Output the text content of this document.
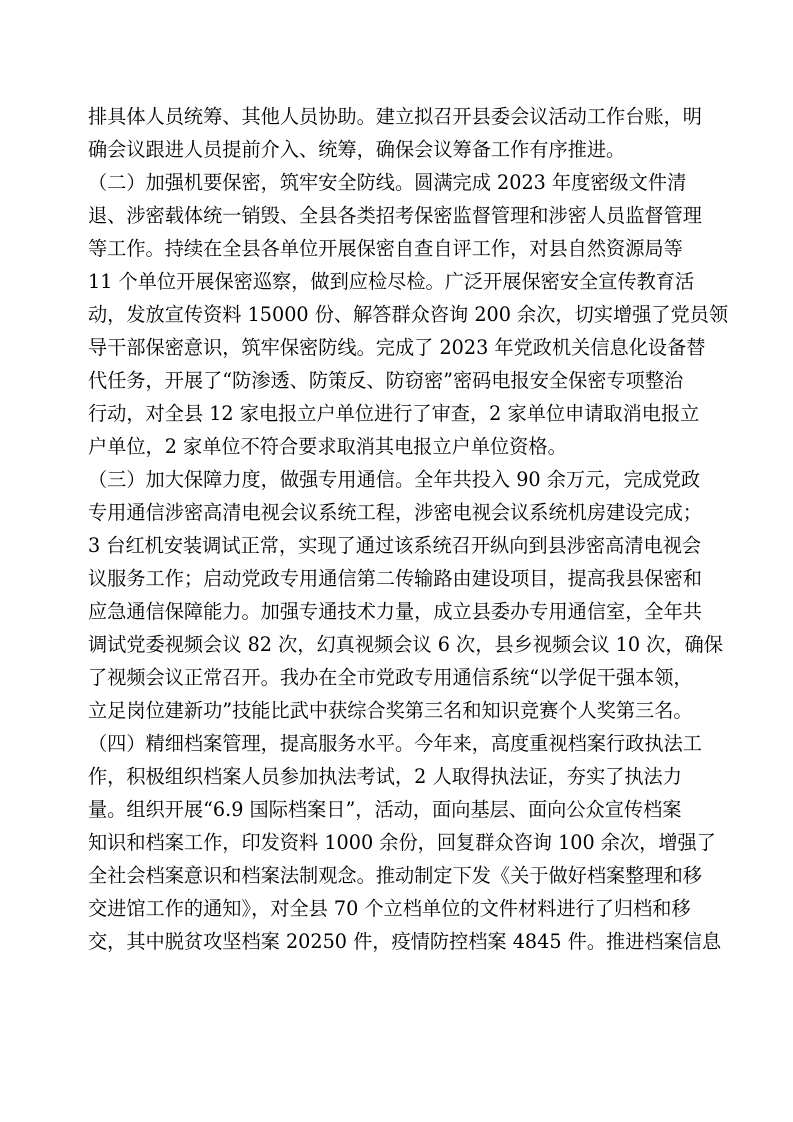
排具体人员统筹、其他人员协助。建立拟召开县委会议活动工作台账，明
确会议跟进人员提前介入、统筹，确保会议筹备工作有序推进。
（二）加强机要保密，筑牢安全防线。圆满完成 2023 年度密级文件清
退、涉密载体统一销毁、全县各类招考保密监督管理和涉密人员监督管理
等工作。持续在全县各单位开展保密自查自评工作，对县自然资源局等
11 个单位开展保密巡察，做到应检尽检。广泛开展保密安全宣传教育活
动，发放宣传资料 15000 份、解答群众咨询 200 余次，切实增强了党员领
导干部保密意识，筑牢保密防线。完成了 2023 年党政机关信息化设备替
代任务，开展了“防渗透、防策反、防窃密”密码电报安全保密专项整治
行动，对全县 12 家电报立户单位进行了审查，2 家单位申请取消电报立
户单位，2 家单位不符合要求取消其电报立户单位资格。
（三）加大保障力度，做强专用通信。全年共投入 90 余万元，完成党政
专用通信涉密高清电视会议系统工程，涉密电视会议系统机房建设完成；
3 台红机安装调试正常，实现了通过该系统召开纵向到县涉密高清电视会
议服务工作；启动党政专用通信第二传输路由建设项目，提高我县保密和
应急通信保障能力。加强专通技术力量，成立县委办专用通信室，全年共
调试党委视频会议 82 次，幻真视频会议 6 次，县乡视频会议 10 次，确保
了视频会议正常召开。我办在全市党政专用通信系统“以学促干强本领，
立足岗位建新功”技能比武中获综合奖第三名和知识竞赛个人奖第三名。
（四）精细档案管理，提高服务水平。今年来，高度重视档案行政执法工
作，积极组织档案人员参加执法考试，2 人取得执法证，夯实了执法力
量。组织开展“6.9 国际档案日”，活动，面向基层、面向公众宣传档案
知识和档案工作，印发资料 1000 余份，回复群众咨询 100 余次，增强了
全社会档案意识和档案法制观念。推动制定下发《关于做好档案整理和移
交进馆工作的通知》，对全县 70 个立档单位的文件材料进行了归档和移
交，其中脱贫攻坚档案 20250 件，疫情防控档案 4845 件。推进档案信息
